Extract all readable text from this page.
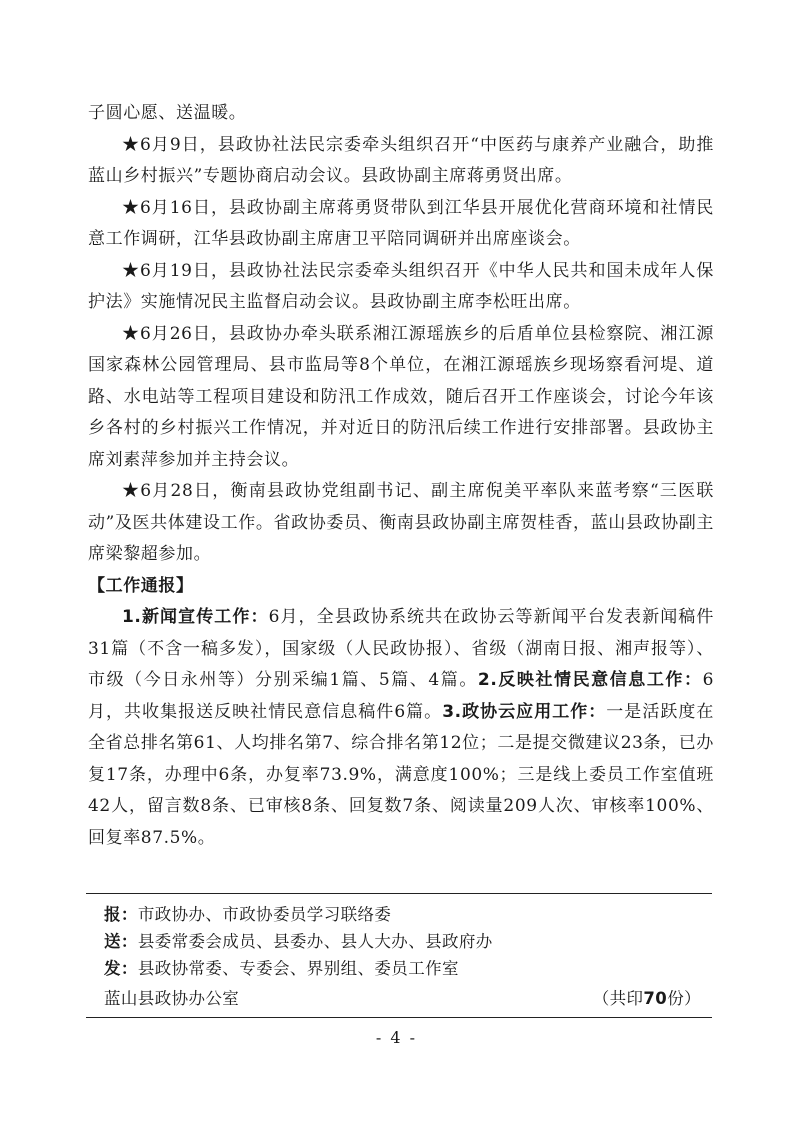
子圆心愿、送温暖。

★6月9日，县政协社法民宗委牵头组织召开“中医药与康养产业融合，助推蓝山乡村振兴”专题协商启动会议。县政协副主席蒋勇贤出席。

★6月16日，县政协副主席蒋勇贤带队到江华县开展优化营商环境和社情民意工作调研，江华县政协副主席唐卫平陪同调研并出席座谈会。

★6月19日，县政协社法民宗委牵头组织召开《中华人民共和国未成年人保护法》实施情况民主监督启动会议。县政协副主席李松旺出席。

★6月26日，县政协办牵头联系湘江源瑶族乡的后盾单位县检察院、湘江源国家森林公园管理局、县市监局等8个单位，在湘江源瑶族乡现场察看河堤、道路、水电站等工程项目建设和防汛工作成效，随后召开工作座谈会，讨论今年该乡各村的乡村振兴工作情况，并对近日的防汛后续工作进行安排部署。县政协主席刘素萍参加并主持会议。

★6月28日，衡南县政协党组副书记、副主席倪美平率队来蓝考察“三医联动”及医共体建设工作。省政协委员、衡南县政协副主席贺桂香，蓝山县政协副主席梁黎超参加。

【工作通报】

1.新闻宣传工作：6月，全县政协系统共在政协云等新闻平台发表新闻稿件31篇（不含一稿多发），国家级（人民政协报）、省级（湖南日报、湘声报等）、市级（今日永州等）分别采编1篇、5篇、4篇。2.反映社情民意信息工作：6月，共收集报送反映社情民意信息稿件6篇。3.政协云应用工作：一是活跃度在全省总排名第61、人均排名第7、综合排名第12位；二是提交微建议23条，已办复17条，办理中6条，办复率73.9%，满意度100%；三是线上委员工作室值班42人，留言数8条、已审核8条、回复数7条、阅读量209人次、审核率100%、回复率87.5%。

报：市政协办、市政协委员学习联络委
送：县委常委会成员、县委办、县人大办、县政府办
发：县政协常委、专委会、界别组、委员工作室
蓝山县政协办公室	（共印70份）
- 4 -
